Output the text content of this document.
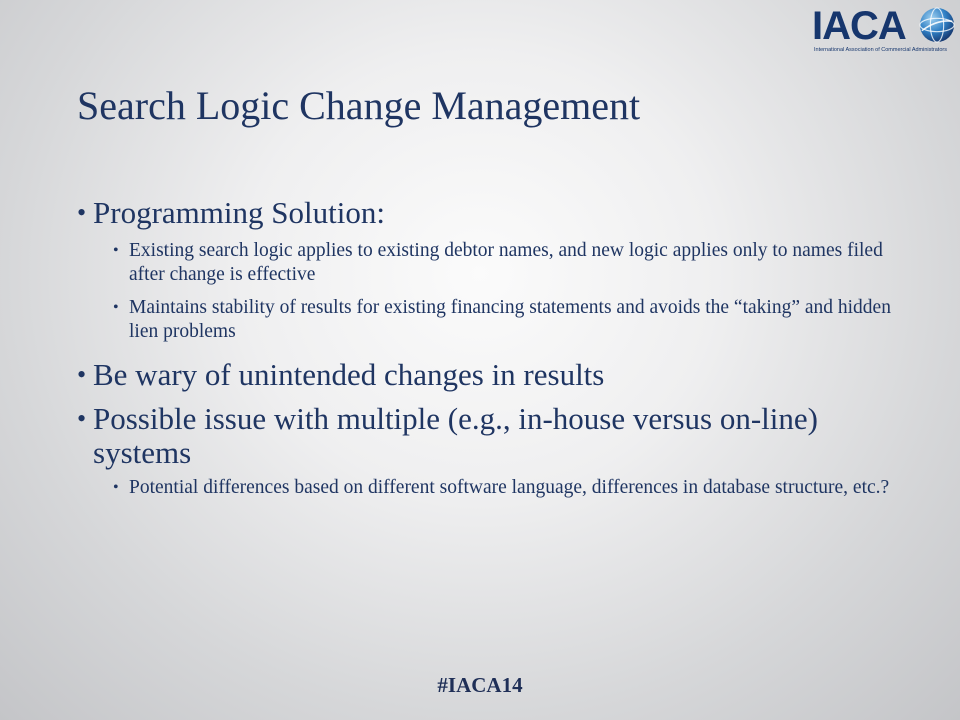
IACA
International Association of Commercial Administrators
Search Logic Change Management
• Programming Solution:
• Existing search logic applies to existing debtor names, and new logic applies only to names filed after change is effective
• Maintains stability of results for existing financing statements and avoids the “taking” and hidden lien problems
• Be wary of unintended changes in results
• Possible issue with multiple (e.g., in-house versus on-line) systems
• Potential differences based on different software language, differences in database structure, etc.?
#IACA14
